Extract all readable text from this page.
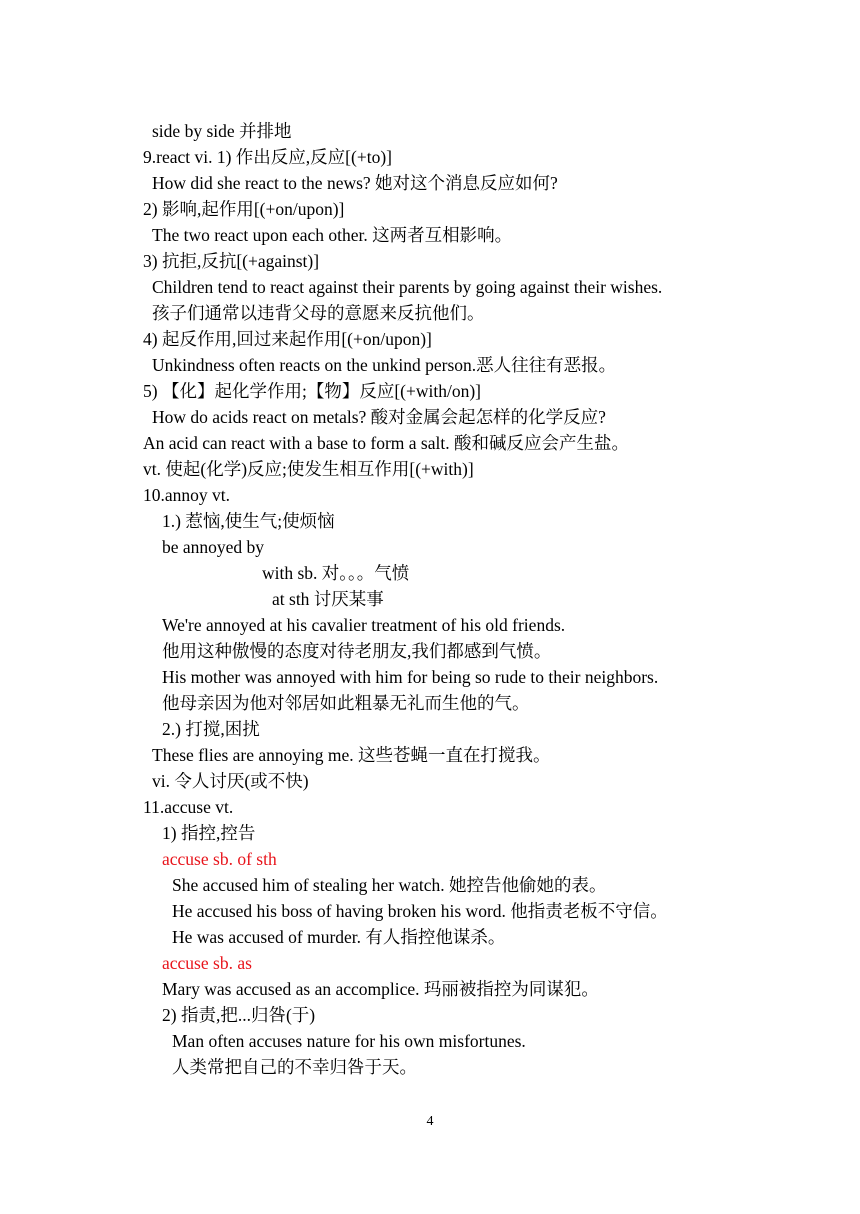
side by side 并排地
9.react vi. 1) 作出反应,反应[(+to)]
How did she react to the news? 她对这个消息反应如何?
2) 影响,起作用[(+on/upon)]
The two react upon each other. 这两者互相影响。
3) 抗拒,反抗[(+against)]
Children tend to react against their parents by going against their wishes.
孩子们通常以违背父母的意愿来反抗他们。
4) 起反作用,回过来起作用[(+on/upon)]
Unkindness often reacts on the unkind person.恶人往往有恶报。
5) 【化】起化学作用;【物】反应[(+with/on)]
How do acids react on metals? 酸对金属会起怎样的化学反应?
An acid can react with a base to form a salt. 酸和碱反应会产生盐。
vt. 使起(化学)反应;使发生相互作用[(+with)]
10.annoy vt.
1.) 惹恼,使生气;使烦恼
be annoyed by
with sb. 对。。。气愤
at sth 讨厌某事
We're annoyed at his cavalier treatment of his old friends.
他用这种傲慢的态度对待老朋友,我们都感到气愤。
His mother was annoyed with him for being so rude to their neighbors.
他母亲因为他对邻居如此粗暴无礼而生他的气。
2.) 打搅,困扰
These flies are annoying me. 这些苍蝇一直在打搅我。
vi. 令人讨厌(或不快)
11.accuse vt.
1) 指控,控告
accuse sb. of sth
She accused him of stealing her watch. 她控告他偷她的表。
He accused his boss of having broken his word. 他指责老板不守信。
He was accused of murder. 有人指控他谋杀。
accuse sb. as
Mary was accused as an accomplice. 玛丽被指控为同谋犯。
2) 指责,把...归咎(于)
Man often accuses nature for his own misfortunes.
人类常把自己的不幸归咎于天。
4
